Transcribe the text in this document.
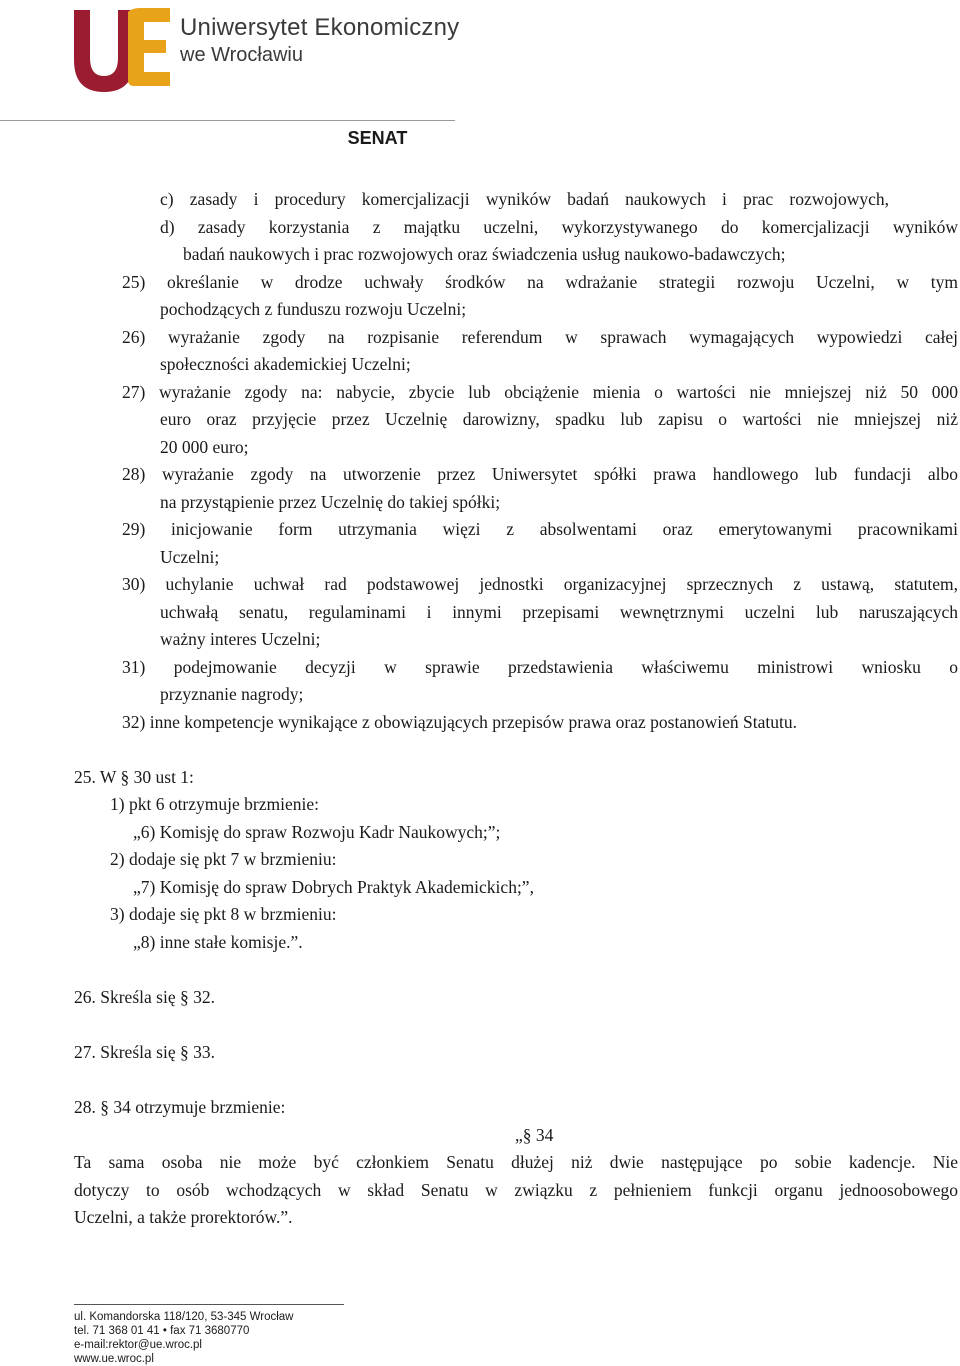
Uniwersytet Ekonomiczny
we Wrocławiu
SENAT
c) zasady i procedury komercjalizacji wyników badań naukowych i prac rozwojowych,
d) zasady korzystania z majątku uczelni, wykorzystywanego do komercjalizacji wyników
badań naukowych i prac rozwojowych oraz świadczenia usług naukowo-badawczych;
25) określanie w drodze uchwały środków na wdrażanie strategii rozwoju Uczelni, w tym
pochodzących z funduszu rozwoju Uczelni;
26) wyrażanie zgody na rozpisanie referendum w sprawach wymagających wypowiedzi całej
społeczności akademickiej Uczelni;
27) wyrażanie zgody na: nabycie, zbycie lub obciążenie mienia o wartości nie mniejszej niż 50 000
euro oraz przyjęcie przez Uczelnię darowizny, spadku lub zapisu o wartości nie mniejszej niż
20 000 euro;
28) wyrażanie zgody na utworzenie przez Uniwersytet spółki prawa handlowego lub fundacji albo
na przystąpienie przez Uczelnię do takiej spółki;
29) inicjowanie form utrzymania więzi z absolwentami oraz emerytowanymi pracownikami
Uczelni;
30) uchylanie uchwał rad podstawowej jednostki organizacyjnej sprzecznych z ustawą, statutem,
uchwałą senatu, regulaminami i innymi przepisami wewnętrznymi uczelni lub naruszających
ważny interes Uczelni;
31) podejmowanie decyzji w sprawie przedstawienia właściwemu ministrowi wniosku o
przyznanie nagrody;
32) inne kompetencje wynikające z obowiązujących przepisów prawa oraz postanowień Statutu.
25. W § 30 ust 1:
1) pkt 6 otrzymuje brzmienie:
„6) Komisję do spraw Rozwoju Kadr Naukowych;”;
2) dodaje się pkt 7 w brzmieniu:
„7) Komisję do spraw Dobrych Praktyk Akademickich;”,
3) dodaje się pkt 8 w brzmieniu:
„8) inne stałe komisje.”.
26. Skreśla się § 32.
27. Skreśla się § 33.
28. § 34 otrzymuje brzmienie:
„§ 34
Ta sama osoba nie może być członkiem Senatu dłużej niż dwie następujące po sobie kadencje. Nie
dotyczy to osób wchodzących w skład Senatu w związku z pełnieniem funkcji organu jednoosobowego
Uczelni, a także prorektorów.”.
ul. Komandorska 118/120, 53-345 Wrocław
tel. 71 368 01 41 • fax 71 3680770
e-mail:rektor@ue.wroc.pl
www.ue.wroc.pl
